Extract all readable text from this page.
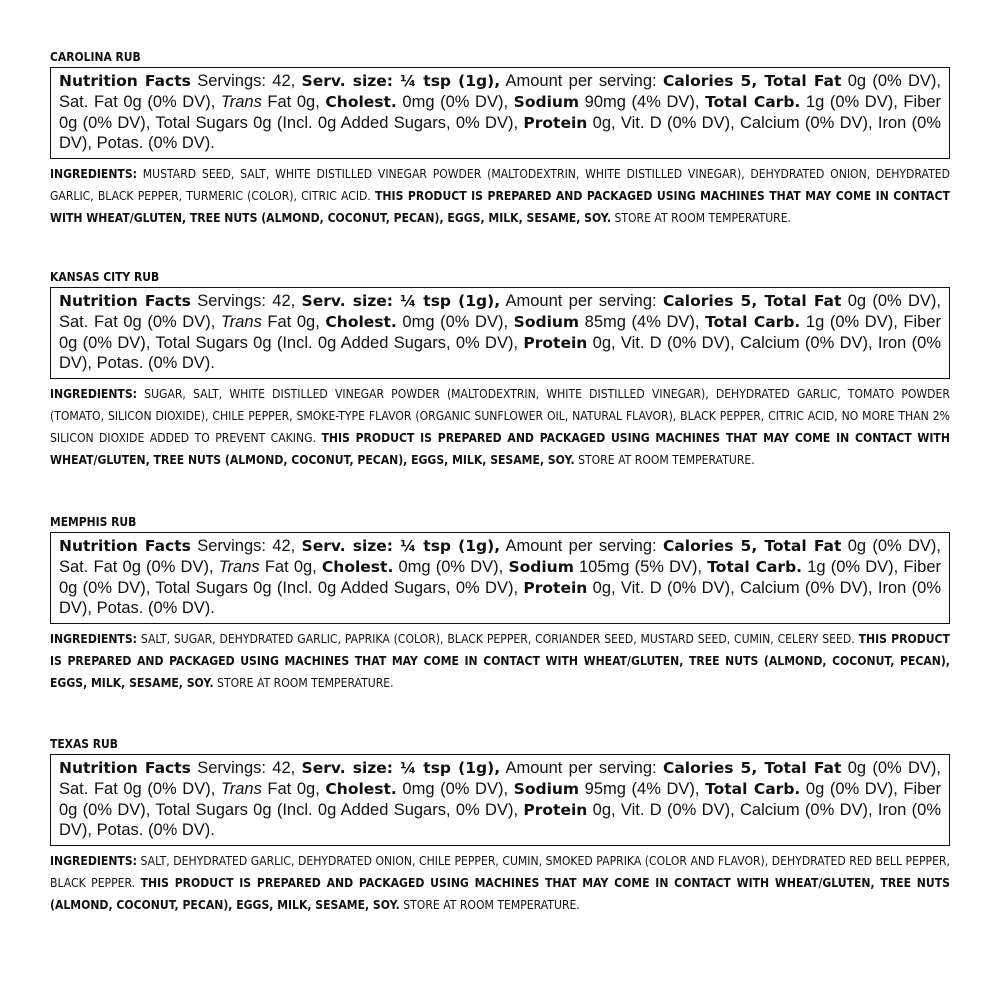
CAROLINA RUB
Nutrition Facts Servings: 42, Serv. size: ¼ tsp (1g), Amount per serving: Calories 5, Total Fat 0g (0% DV), Sat. Fat 0g (0% DV), Trans Fat 0g, Cholest. 0mg (0% DV), Sodium 90mg (4% DV), Total Carb. 1g (0% DV), Fiber 0g (0% DV), Total Sugars 0g (Incl. 0g Added Sugars, 0% DV), Protein 0g, Vit. D (0% DV), Calcium (0% DV), Iron (0% DV), Potas. (0% DV).
INGREDIENTS: MUSTARD SEED, SALT, WHITE DISTILLED VINEGAR POWDER (MALTODEXTRIN, WHITE DISTILLED VINEGAR), DEHYDRATED ONION, DEHYDRATED GARLIC, BLACK PEPPER, TURMERIC (COLOR), CITRIC ACID. THIS PRODUCT IS PREPARED AND PACKAGED USING MACHINES THAT MAY COME IN CONTACT WITH WHEAT/GLUTEN, TREE NUTS (ALMOND, COCONUT, PECAN), EGGS, MILK, SESAME, SOY. STORE AT ROOM TEMPERATURE.
KANSAS CITY RUB
Nutrition Facts Servings: 42, Serv. size: ¼ tsp (1g), Amount per serving: Calories 5, Total Fat 0g (0% DV), Sat. Fat 0g (0% DV), Trans Fat 0g, Cholest. 0mg (0% DV), Sodium 85mg (4% DV), Total Carb. 1g (0% DV), Fiber 0g (0% DV), Total Sugars 0g (Incl. 0g Added Sugars, 0% DV), Protein 0g, Vit. D (0% DV), Calcium (0% DV), Iron (0% DV), Potas. (0% DV).
INGREDIENTS: SUGAR, SALT, WHITE DISTILLED VINEGAR POWDER (MALTODEXTRIN, WHITE DISTILLED VINEGAR), DEHYDRATED GARLIC, TOMATO POWDER (TOMATO, SILICON DIOXIDE), CHILE PEPPER, SMOKE-TYPE FLAVOR (ORGANIC SUNFLOWER OIL, NATURAL FLAVOR), BLACK PEPPER, CITRIC ACID, NO MORE THAN 2% SILICON DIOXIDE ADDED TO PREVENT CAKING. THIS PRODUCT IS PREPARED AND PACKAGED USING MACHINES THAT MAY COME IN CONTACT WITH WHEAT/GLUTEN, TREE NUTS (ALMOND, COCONUT, PECAN), EGGS, MILK, SESAME, SOY. STORE AT ROOM TEMPERATURE.
MEMPHIS RUB
Nutrition Facts Servings: 42, Serv. size: ¼ tsp (1g), Amount per serving: Calories 5, Total Fat 0g (0% DV), Sat. Fat 0g (0% DV), Trans Fat 0g, Cholest. 0mg (0% DV), Sodium 105mg (5% DV), Total Carb. 1g (0% DV), Fiber 0g (0% DV), Total Sugars 0g (Incl. 0g Added Sugars, 0% DV), Protein 0g, Vit. D (0% DV), Calcium (0% DV), Iron (0% DV), Potas. (0% DV).
INGREDIENTS: SALT, SUGAR, DEHYDRATED GARLIC, PAPRIKA (COLOR), BLACK PEPPER, CORIANDER SEED, MUSTARD SEED, CUMIN, CELERY SEED. THIS PRODUCT IS PREPARED AND PACKAGED USING MACHINES THAT MAY COME IN CONTACT WITH WHEAT/GLUTEN, TREE NUTS (ALMOND, COCONUT, PECAN), EGGS, MILK, SESAME, SOY. STORE AT ROOM TEMPERATURE.
TEXAS RUB
Nutrition Facts Servings: 42, Serv. size: ¼ tsp (1g), Amount per serving: Calories 5, Total Fat 0g (0% DV), Sat. Fat 0g (0% DV), Trans Fat 0g, Cholest. 0mg (0% DV), Sodium 95mg (4% DV), Total Carb. 0g (0% DV), Fiber 0g (0% DV), Total Sugars 0g (Incl. 0g Added Sugars, 0% DV), Protein 0g, Vit. D (0% DV), Calcium (0% DV), Iron (0% DV), Potas. (0% DV).
INGREDIENTS: SALT, DEHYDRATED GARLIC, DEHYDRATED ONION, CHILE PEPPER, CUMIN, SMOKED PAPRIKA (COLOR AND FLAVOR), DEHYDRATED RED BELL PEPPER, BLACK PEPPER. THIS PRODUCT IS PREPARED AND PACKAGED USING MACHINES THAT MAY COME IN CONTACT WITH WHEAT/GLUTEN, TREE NUTS (ALMOND, COCONUT, PECAN), EGGS, MILK, SESAME, SOY. STORE AT ROOM TEMPERATURE.
